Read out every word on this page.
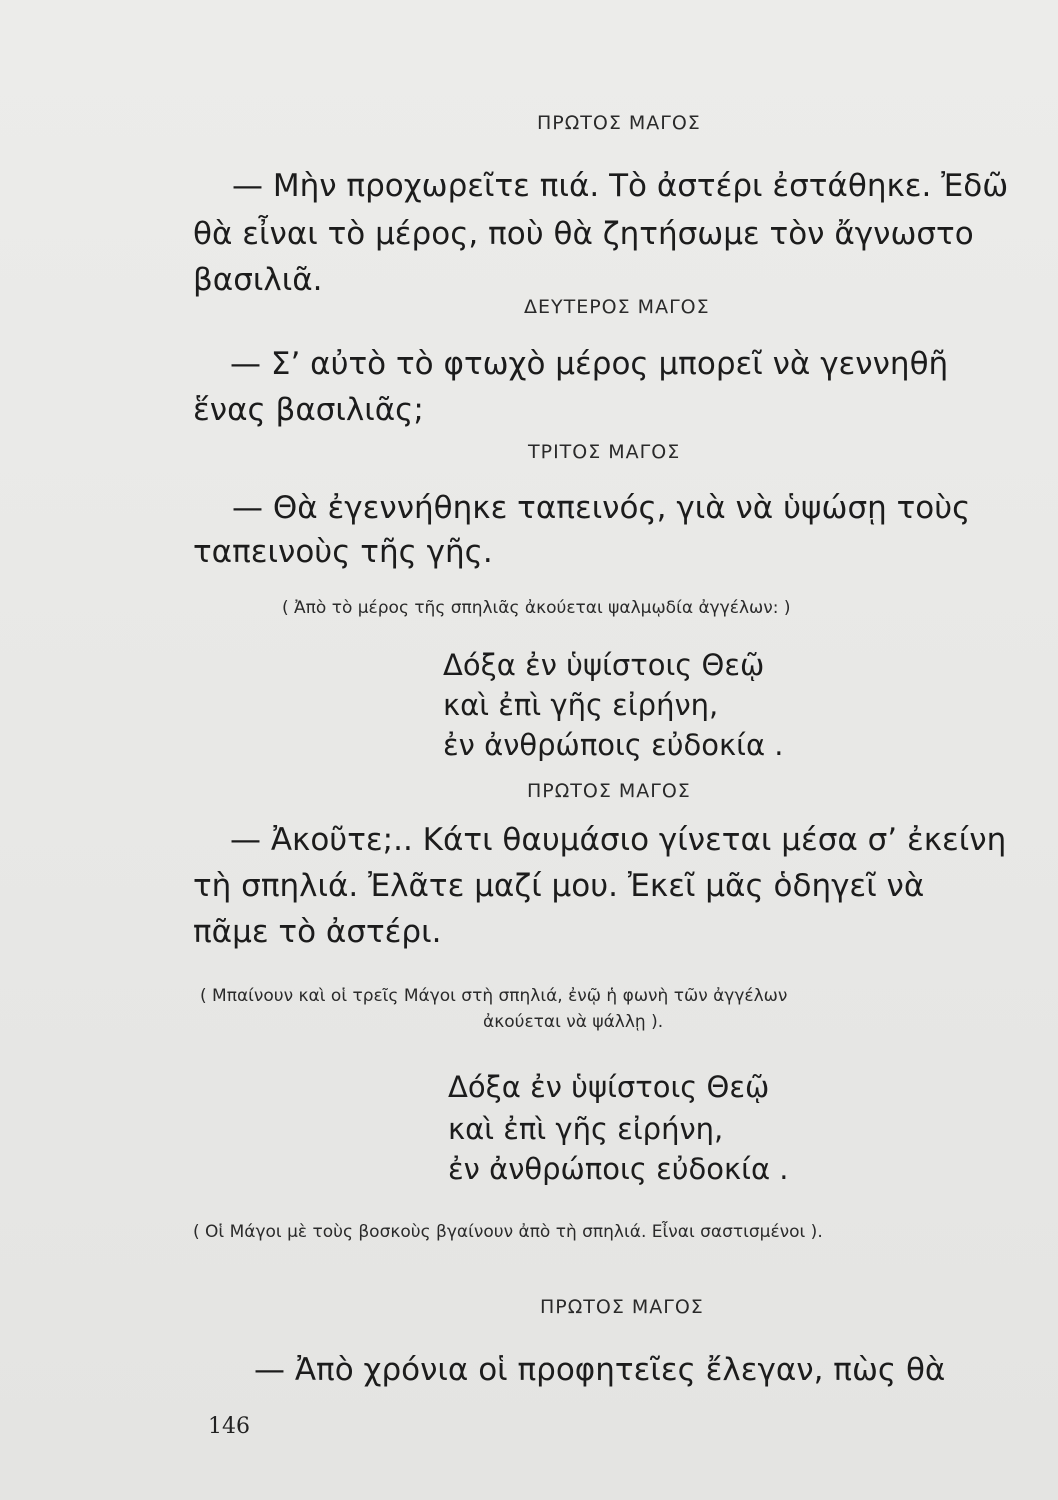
ΠΡΩΤΟΣ ΜΑΓΟΣ
— Μὴν προχωρεῖτε πιά. Τὸ ἀστέρι ἐστάθηκε. Ἐδῶ
θὰ εἶναι τὸ μέρος, ποὺ θὰ ζητήσωμε τὸν ἄγνωστο
βασιλιᾶ.
ΔΕΥΤΕΡΟΣ ΜΑΓΟΣ
— Σ’ αὐτὸ τὸ φτωχὸ μέρος μπορεῖ νὰ γεννηθῆ
ἕνας βασιλιᾶς;
ΤΡΙΤΟΣ ΜΑΓΟΣ
— Θὰ ἐγεννήθηκε ταπεινός, γιὰ νὰ ὑψώσῃ τοὺς
ταπεινοὺς τῆς γῆς.
( Ἀπὸ τὸ μέρος τῆς σπηλιᾶς ἀκούεται ψαλμῳδία ἀγγέλων: )
Δόξα ἐν ὑψίστοις Θεῷ
καὶ ἐπὶ γῆς εἰρήνη,
ἐν ἀνθρώποις εὐδοκία .
ΠΡΩΤΟΣ ΜΑΓΟΣ
— Ἀκοῦτε;.. Κάτι θαυμάσιο γίνεται μέσα σ’ ἐκείνη
τὴ σπηλιά. Ἐλᾶτε μαζί μου. Ἐκεῖ μᾶς ὁδηγεῖ νὰ
πᾶμε τὸ ἀστέρι.
( Μπαίνουν καὶ οἱ τρεῖς Μάγοι στὴ σπηλιά, ἐνῷ ἡ φωνὴ τῶν ἀγγέλων
ἀκούεται νὰ ψάλλῃ ).
Δόξα ἐν ὑψίστοις Θεῷ
καὶ ἐπὶ γῆς εἰρήνη,
ἐν ἀνθρώποις εὐδοκία .
( Οἱ Μάγοι μὲ τοὺς βοσκοὺς βγαίνουν ἀπὸ τὴ σπηλιά. Εἶναι σαστισμένοι ).
ΠΡΩΤΟΣ ΜΑΓΟΣ
— Ἀπὸ χρόνια οἱ προφητεῖες ἔλεγαν, πὼς θὰ
146
